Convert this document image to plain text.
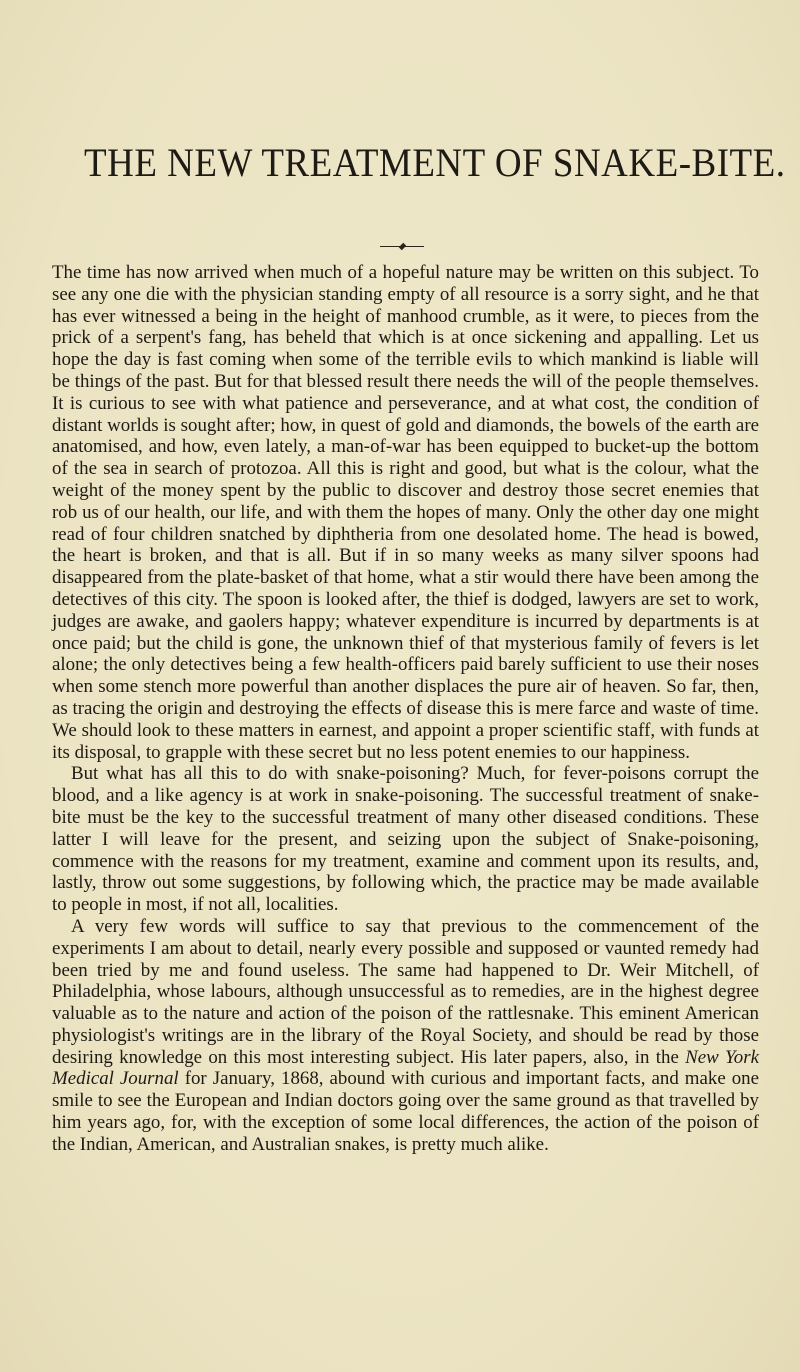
THE NEW TREATMENT OF SNAKE-BITE.

The time has now arrived when much of a hopeful nature may be written on this subject. To see any one die with the physician standing empty of all resource is a sorry sight, and he that has ever witnessed a being in the height of manhood crumble, as it were, to pieces from the prick of a serpent's fang, has beheld that which is at once sickening and appalling. Let us hope the day is fast coming when some of the terrible evils to which mankind is liable will be things of the past. But for that blessed result there needs the will of the people themselves. It is curious to see with what patience and perseverance, and at what cost, the condition of distant worlds is sought after; how, in quest of gold and diamonds, the bowels of the earth are anatomised, and how, even lately, a man-of-war has been equipped to bucket-up the bottom of the sea in search of protozoa. All this is right and good, but what is the colour, what the weight of the money spent by the public to discover and destroy those secret enemies that rob us of our health, our life, and with them the hopes of many. Only the other day one might read of four children snatched by diphtheria from one desolated home. The head is bowed, the heart is broken, and that is all. But if in so many weeks as many silver spoons had disappeared from the plate-basket of that home, what a stir would there have been among the detectives of this city. The spoon is looked after, the thief is dodged, lawyers are set to work, judges are awake, and gaolers happy; whatever expenditure is incurred by departments is at once paid; but the child is gone, the unknown thief of that mysterious family of fevers is let alone; the only detectives being a few health-officers paid barely sufficient to use their noses when some stench more powerful than another displaces the pure air of heaven. So far, then, as tracing the origin and destroying the effects of disease this is mere farce and waste of time. We should look to these matters in earnest, and appoint a proper scientific staff, with funds at its disposal, to grapple with these secret but no less potent enemies to our happiness.

But what has all this to do with snake-poisoning? Much, for fever-poisons corrupt the blood, and a like agency is at work in snake-poisoning. The successful treatment of snake-bite must be the key to the successful treatment of many other diseased conditions. These latter I will leave for the present, and seizing upon the subject of Snake-poisoning, commence with the reasons for my treatment, examine and comment upon its results, and, lastly, throw out some suggestions, by following which, the practice may be made available to people in most, if not all, localities.

A very few words will suffice to say that previous to the commencement of the experiments I am about to detail, nearly every possible and supposed or vaunted remedy had been tried by me and found useless. The same had happened to Dr. Weir Mitchell, of Philadelphia, whose labours, although unsuccessful as to remedies, are in the highest degree valuable as to the nature and action of the poison of the rattlesnake. This eminent American physiologist's writings are in the library of the Royal Society, and should be read by those desiring knowledge on this most interesting subject. His later papers, also, in the New York Medical Journal for January, 1868, abound with curious and important facts, and make one smile to see the European and Indian doctors going over the same ground as that travelled by him years ago, for, with the exception of some local differences, the action of the poison of the Indian, American, and Australian snakes, is pretty much alike.
